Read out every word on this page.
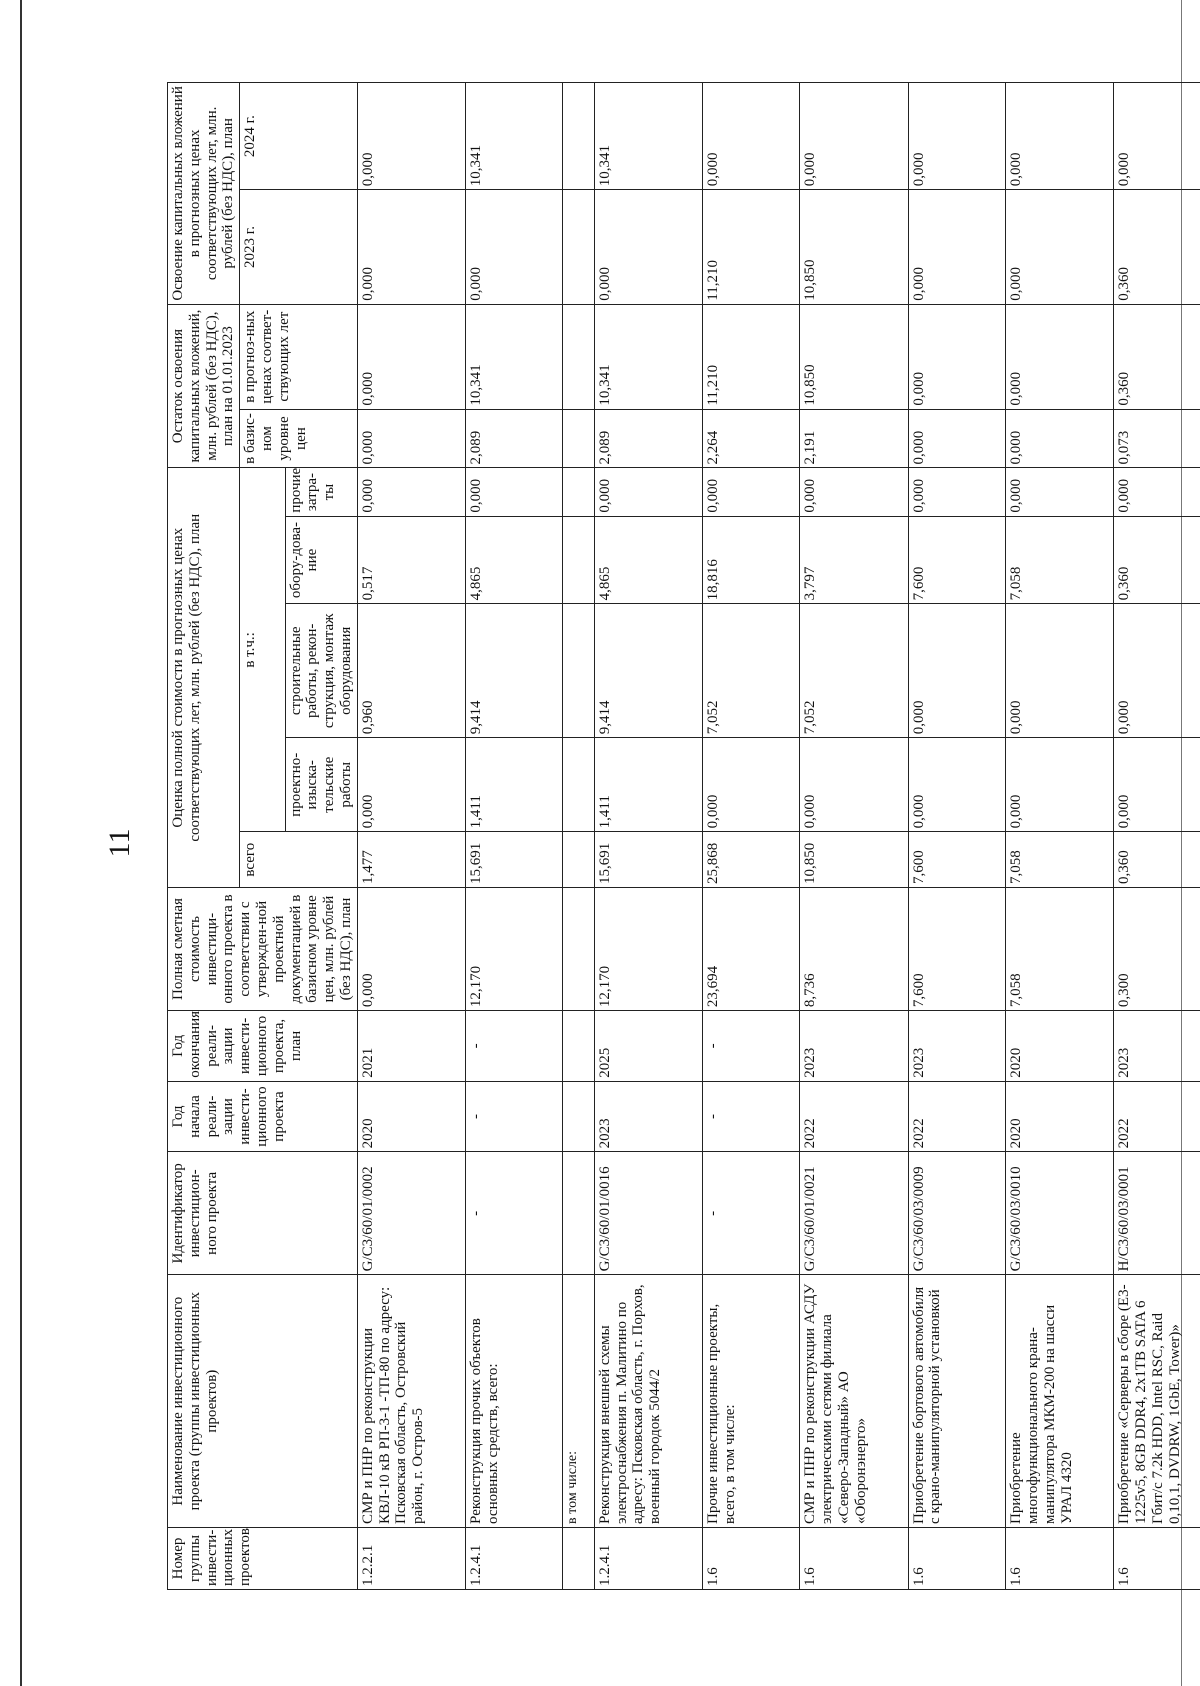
11
Номер группы инвести-ционных проектов	Наименование инвестиционного проекта (группы инвестиционных проектов)	Идентификатор инвестицион-ного проекта	Год начала реали-зации инвести-ционного проекта	Год окончания реали-зации инвести-ционного проекта, план	Полная сметная стоимость инвестици-онного проекта в соответствии с утвержден-ной проектной документацией в базисном уровне цен, млн. рублей (без НДС), план	Оценка полной стоимости в прогнозных ценах соответствующих лет, млн. рублей (без НДС), план					Остаток освоения капитальных вложений, млн. рублей (без НДС), план на 01.01.2023		Освоение капитальных вложений в прогнозных ценах соответствующих лет, млн. рублей (без НДС), план	
						всего	в т.ч.:				в базис-ном уровне цен	в прогноз-ных ценах соответ-ствующих лет	2023 г.	2024 г.
							проектно-изыска-тельские работы	строительные работы, рекон-струкция, монтаж оборудования	обору-дова-ние	прочие затра-ты				
1.2.2.1	СМР и ПНР по реконструкции КВЛ-10 кВ РП-3-1 -ТП-80 по адресу: Псковская область, Островский район, г. Остров-5	G/С3/60/01/0002	2020	2021	0,000	1,477	0,000	0,960	0,517	0,000	0,000	0,000	0,000	0,000
1.2.4.1	Реконструкция прочих объектов основных средств, всего:	-	-	-	12,170	15,691	1,411	9,414	4,865	0,000	2,089	10,341	0,000	10,341
	в том числе:													
1.2.4.1	Реконструкция внешней схемы электроснабжения п. Малитино по адресу: Псковская область, г. Порхов, военный городок 5044/2	G/С3/60/01/0016	2023	2025	12,170	15,691	1,411	9,414	4,865	0,000	2,089	10,341	0,000	10,341
1.6	Прочие инвестиционные проекты, всего, в том числе:	-	-	-	23,694	25,868	0,000	7,052	18,816	0,000	2,264	11,210	11,210	0,000
1.6	СМР и ПНР по реконструкции АСДУ электрическими сетями филиала «Северо-Западный» АО «Оборонэнерго»	G/С3/60/01/0021	2022	2023	8,736	10,850	0,000	7,052	3,797	0,000	2,191	10,850	10,850	0,000
1.6	Приобретение бортового автомобиля с крано-манипуляторной установкой	G/С3/60/03/0009	2022	2023	7,600	7,600	0,000	0,000	7,600	0,000	0,000	0,000	0,000	0,000
1.6	Приобретение многофункционального крана-манипулятора МКМ-200 на шасси УРАЛ 4320	G/С3/60/03/0010	2020	2020	7,058	7,058	0,000	0,000	7,058	0,000	0,000	0,000	0,000	0,000
1.6	Приобретение «Серверы в сборе (E3-1225v5, 8GB DDR4, 2x1TB SATA 6 Гбит/с 7.2k HDD, Intel RSC, Raid 0,10,1, DVDRW, 1GbE, Tower)»	H/С3/60/03/0001	2022	2023	0,300	0,360	0,000	0,000	0,360	0,000	0,073	0,360	0,360	0,000
